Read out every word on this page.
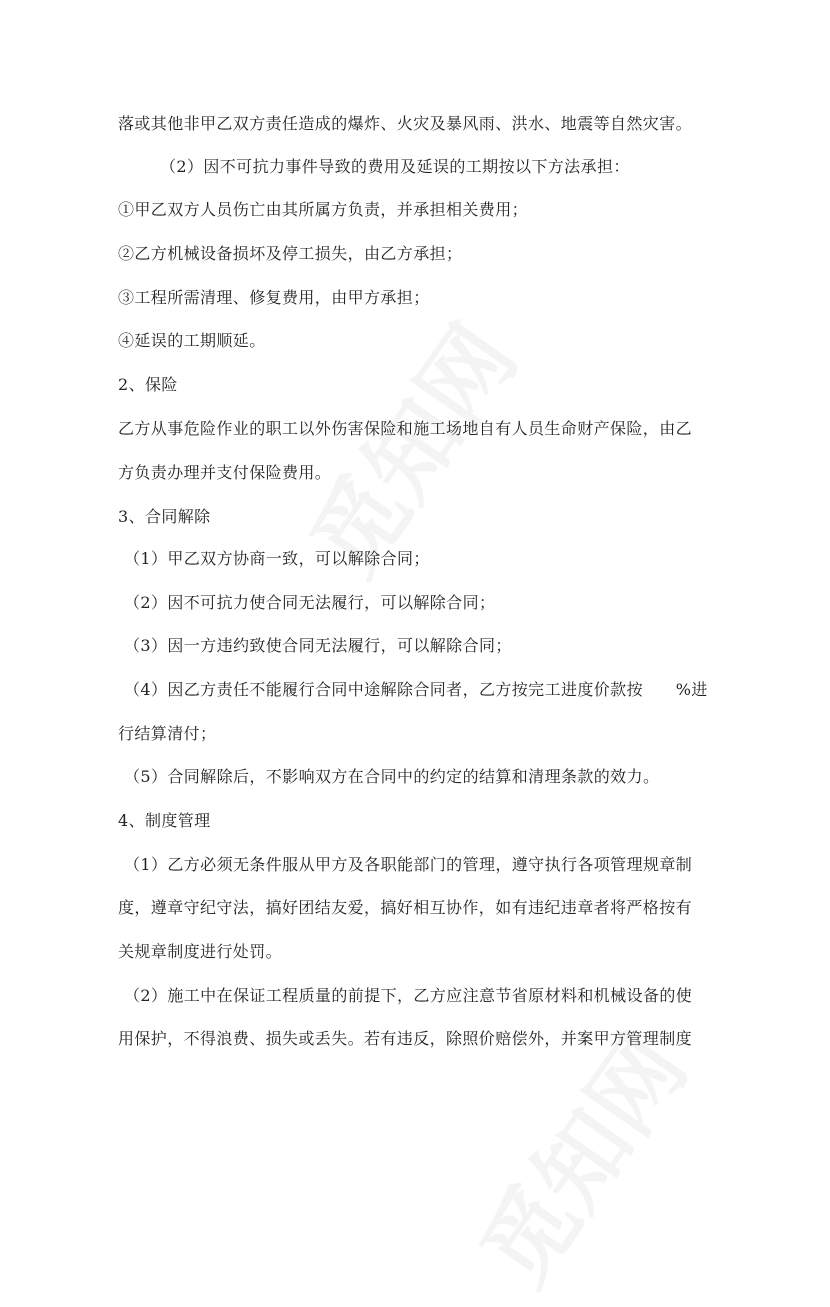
落或其他非甲乙双方责任造成的爆炸、火灾及暴风雨、洪水、地震等自然灾害。
（2）因不可抗力事件导致的费用及延误的工期按以下方法承担：
①甲乙双方人员伤亡由其所属方负责，并承担相关费用；
②乙方机械设备损坏及停工损失，由乙方承担；
③工程所需清理、修复费用，由甲方承担；
④延误的工期顺延。
2、保险
乙方从事危险作业的职工以外伤害保险和施工场地自有人员生命财产保险，由乙
方负责办理并支付保险费用。
3、合同解除
（1）甲乙双方协商一致，可以解除合同；
（2）因不可抗力使合同无法履行，可以解除合同；
（3）因一方违约致使合同无法履行，可以解除合同；
（4）因乙方责任不能履行合同中途解除合同者，乙方按完工进度价款按　　%进
行结算清付；
（5）合同解除后，不影响双方在合同中的约定的结算和清理条款的效力。
4、制度管理
（1）乙方必须无条件服从甲方及各职能部门的管理，遵守执行各项管理规章制
度，遵章守纪守法，搞好团结友爱，搞好相互协作，如有违纪违章者将严格按有
关规章制度进行处罚。
（2）施工中在保证工程质量的前提下，乙方应注意节省原材料和机械设备的使
用保护，不得浪费、损失或丢失。若有违反，除照价赔偿外，并案甲方管理制度
